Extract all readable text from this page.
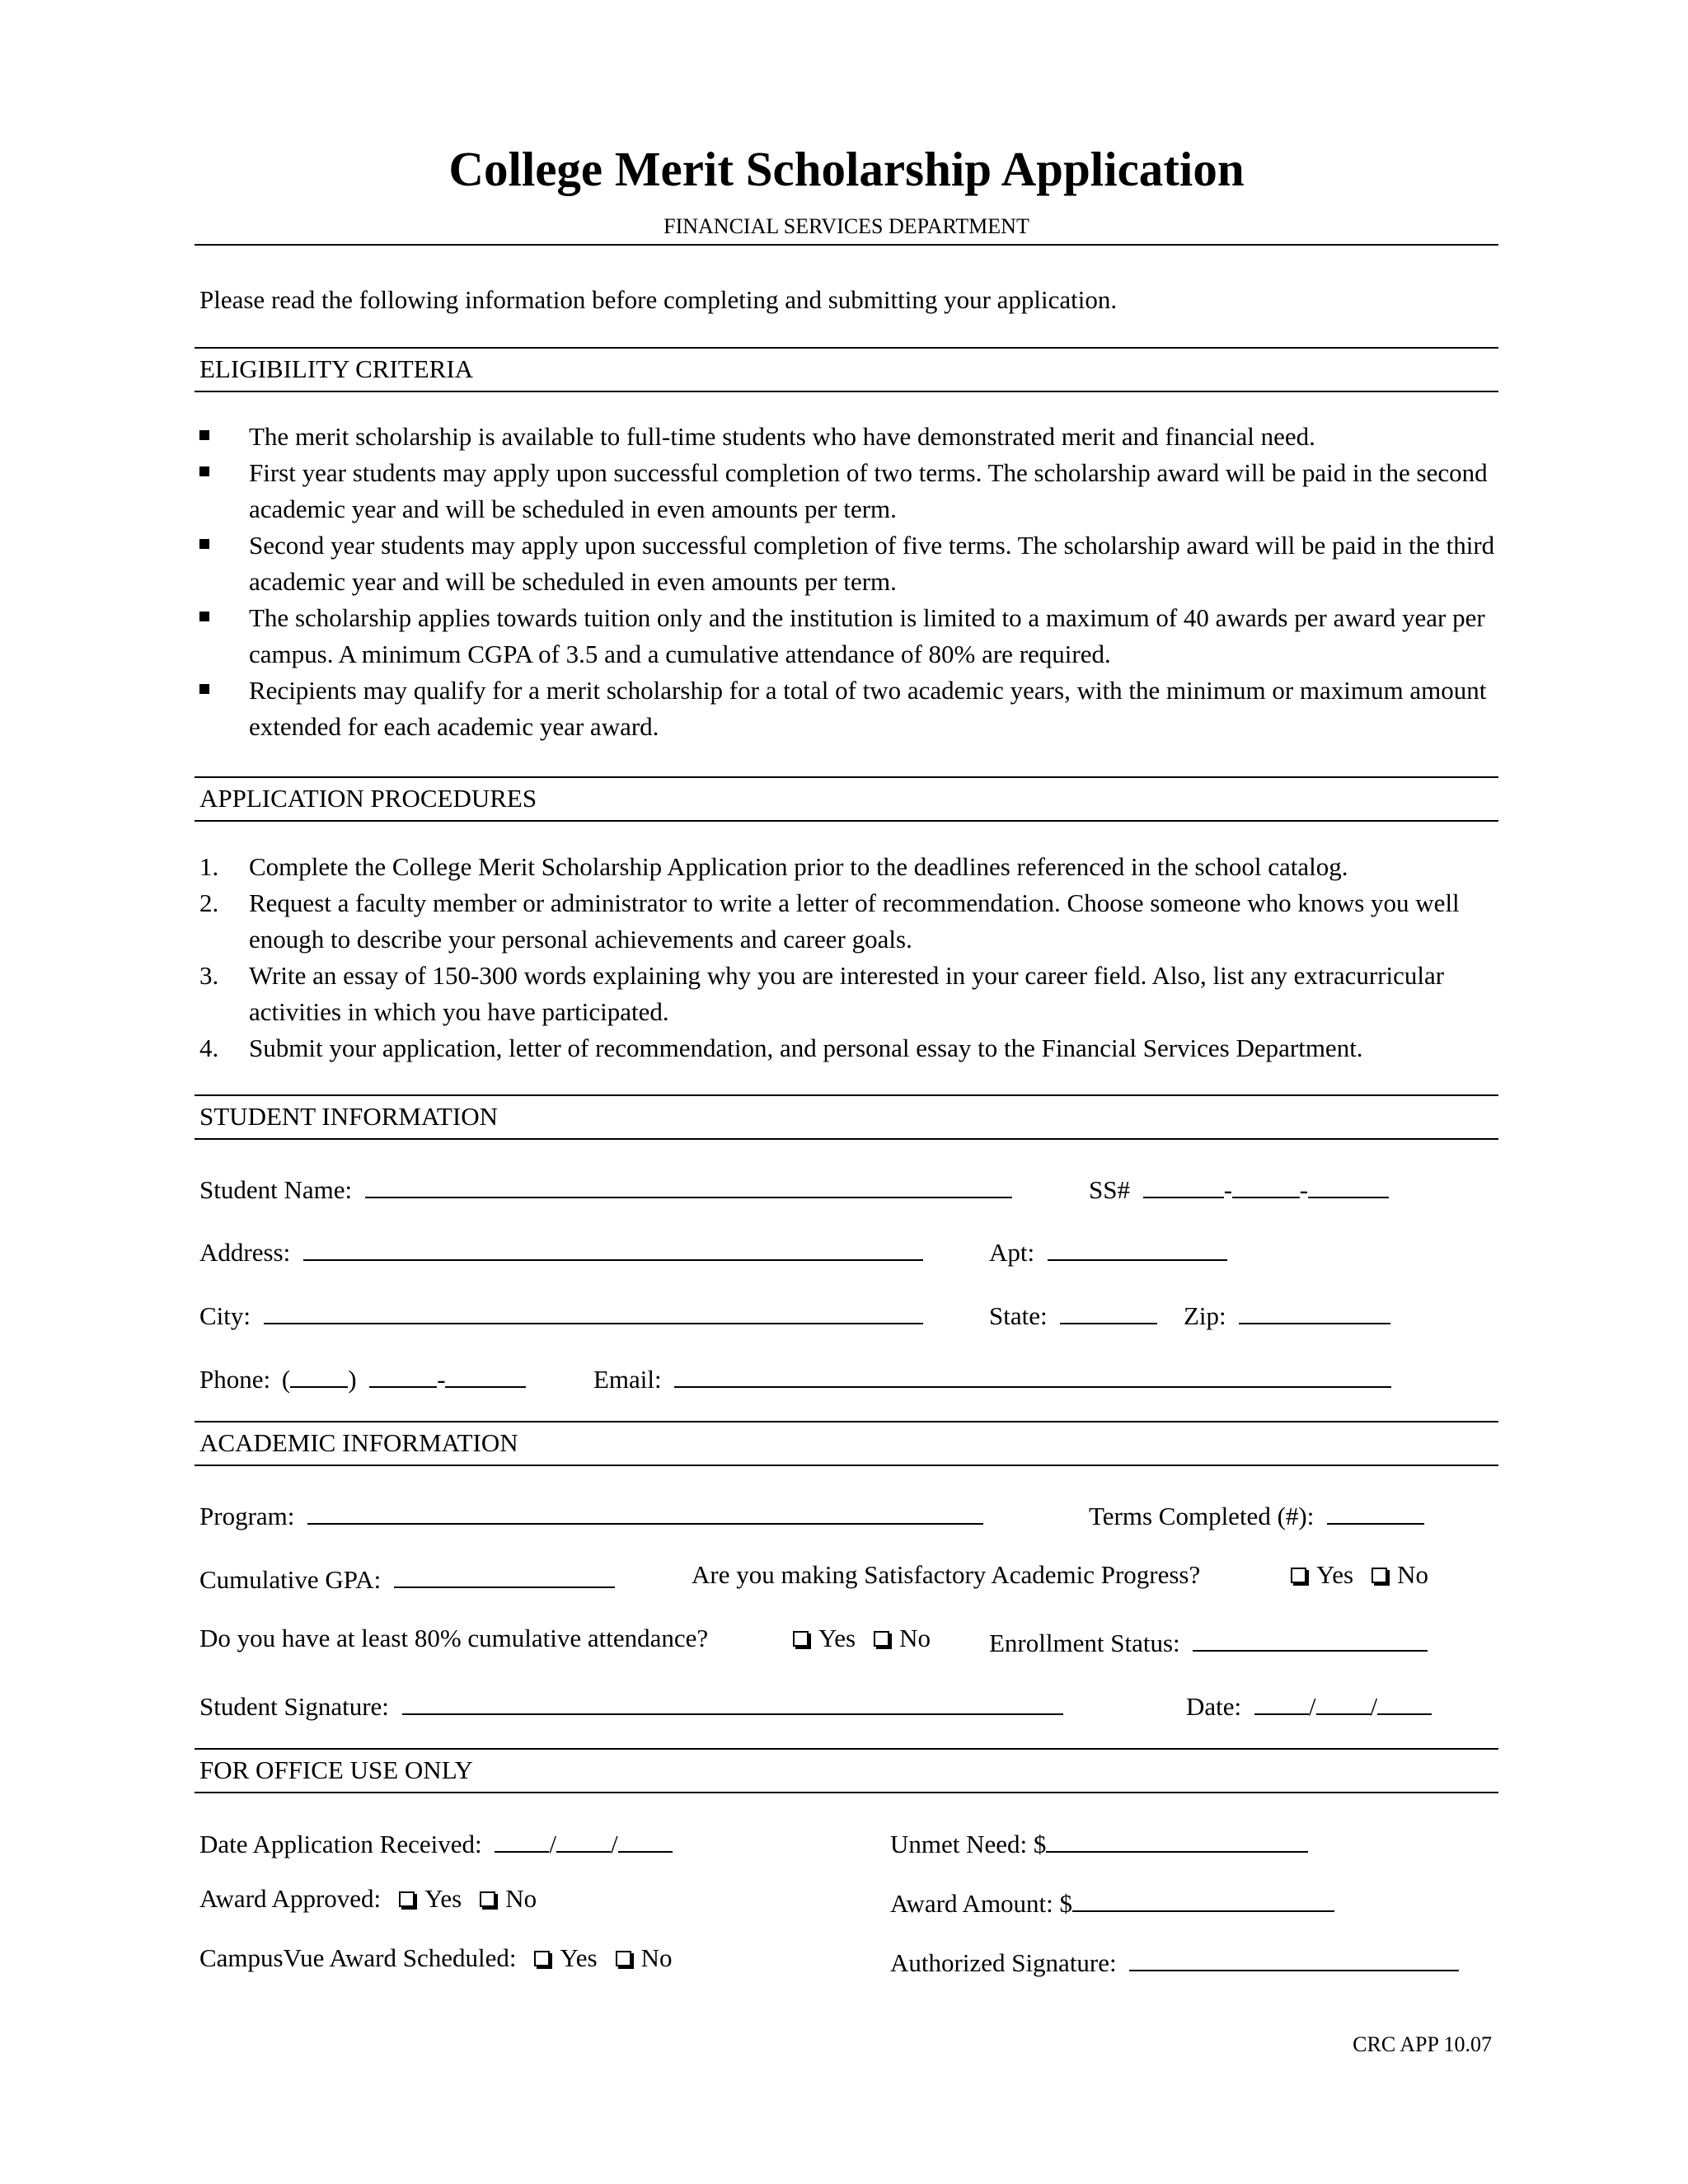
College Merit Scholarship Application
FINANCIAL SERVICES DEPARTMENT
Please read the following information before completing and submitting your application.
ELIGIBILITY CRITERIA
The merit scholarship is available to full-time students who have demonstrated merit and financial need.
First year students may apply upon successful completion of two terms. The scholarship award will be paid in the second academic year and will be scheduled in even amounts per term.
Second year students may apply upon successful completion of five terms. The scholarship award will be paid in the third academic year and will be scheduled in even amounts per term.
The scholarship applies towards tuition only and the institution is limited to a maximum of 40 awards per award year per campus. A minimum CGPA of 3.5 and a cumulative attendance of 80% are required.
Recipients may qualify for a merit scholarship for a total of two academic years, with the minimum or maximum amount extended for each academic year award.
APPLICATION PROCEDURES
1. Complete the College Merit Scholarship Application prior to the deadlines referenced in the school catalog.
2. Request a faculty member or administrator to write a letter of recommendation. Choose someone who knows you well enough to describe your personal achievements and career goals.
3. Write an essay of 150-300 words explaining why you are interested in your career field. Also, list any extracurricular activities in which you have participated.
4. Submit your application, letter of recommendation, and personal essay to the Financial Services Department.
STUDENT INFORMATION
Student Name:	SS#	-	-
Address:	Apt:
City:	State:	Zip:
Phone: ( )	-	Email:
ACADEMIC INFORMATION
Program:	Terms Completed (#):
Cumulative GPA:	Are you making Satisfactory Academic Progress?	Yes No
Do you have at least 80% cumulative attendance?	Yes No Enrollment Status:
Student Signature:	Date:	/ /
FOR OFFICE USE ONLY
Date Application Received:	/ /	Unmet Need: $
Award Approved: Yes No	Award Amount: $
CampusVue Award Scheduled: Yes No	Authorized Signature:
CRC APP 10.07
